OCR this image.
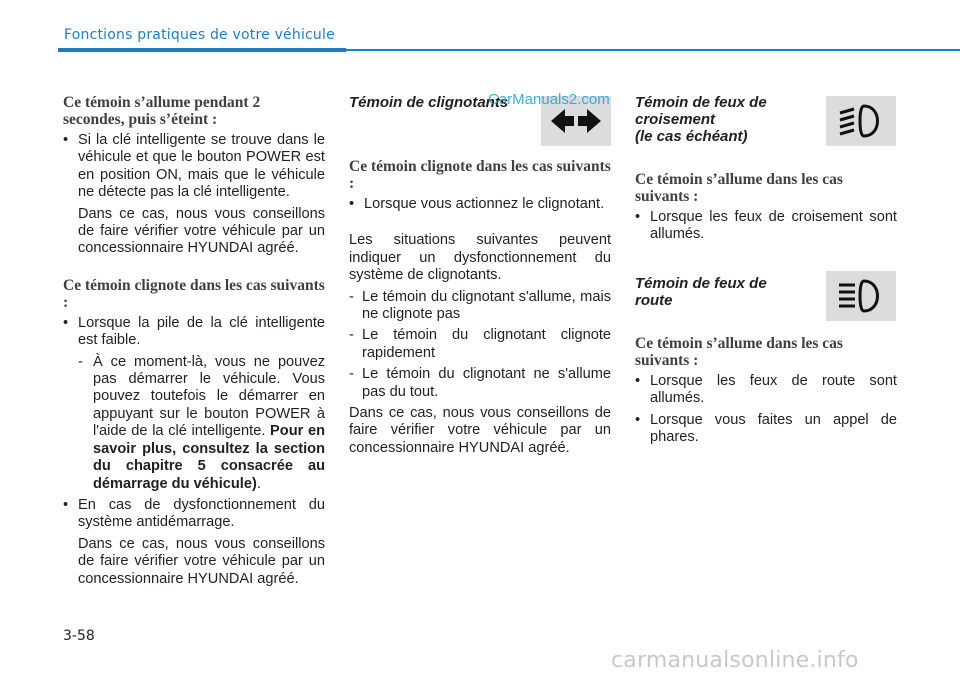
Fonctions pratiques de votre véhicule

Ce témoin s’allume pendant 2 secondes, puis s’éteint :

• Si la clé intelligente se trouve dans le véhicule et que le bouton POWER est en position ON, mais que le véhicule ne détecte pas la clé intelligente.
Dans ce cas, nous vous conseillons de faire vérifier votre véhicule par un concessionnaire HYUNDAI agréé.

Ce témoin clignote dans les cas suivants :

• Lorsque la pile de la clé intelligente est faible.
- À ce moment-là, vous ne pouvez pas démarrer le véhicule. Vous pouvez toutefois le démarrer en appuyant sur le bouton POWER à l'aide de la clé intelligente. Pour en savoir plus, consultez la section du chapitre 5 consacrée au démarrage du véhicule).
• En cas de dysfonctionnement du système antidémarrage.
Dans ce cas, nous vous conseillons de faire vérifier votre véhicule par un concessionnaire HYUNDAI agréé.

Témoin de clignotants

Ce témoin clignote dans les cas suivants :

• Lorsque vous actionnez le clignotant.
Les situations suivantes peuvent indiquer un dysfonctionnement du système de clignotants.
- Le témoin du clignotant s'allume, mais ne clignote pas
- Le témoin du clignotant clignote rapidement
- Le témoin du clignotant ne s'allume pas du tout.
Dans ce cas, nous vous conseillons de faire vérifier votre véhicule par un concessionnaire HYUNDAI agréé.

Témoin de feux de
croisement
(le cas échéant)

Ce témoin s’allume dans les cas suivants :

• Lorsque les feux de croisement sont allumés.

Témoin de feux de
route

Ce témoin s’allume dans les cas suivants :

• Lorsque les feux de route sont allumés.
• Lorsque vous faites un appel de phares.
CarManuals2.com
3-58
carmanualsonline.info
